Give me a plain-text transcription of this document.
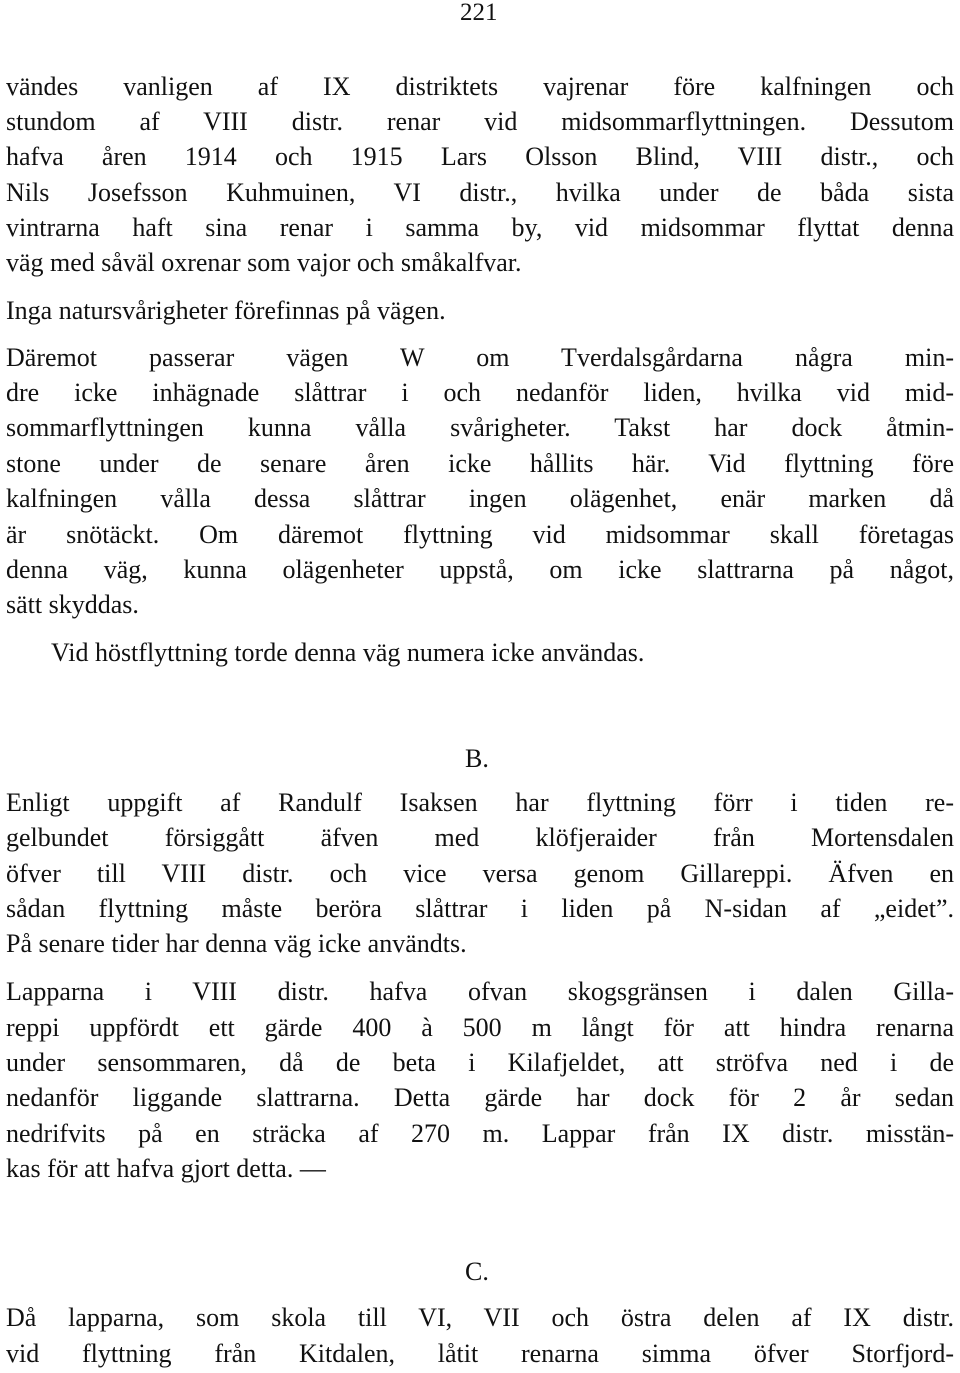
221
vändes vanligen af IX distriktets vajrenar före kalfningen och
stundom af VIII distr. renar vid midsommarflyttningen. Dessutom
hafva åren 1914 och 1915 Lars Olsson Blind, VIII distr., och
Nils Josefsson Kuhmuinen, VI distr., hvilka under de båda sista
vintrarna haft sina renar i samma by, vid midsommar flyttat denna
väg med såväl oxrenar som vajor och småkalfvar.
Inga natursvårigheter förefinnas på vägen.
Däremot passerar vägen W om Tverdalsgårdarna några min-
dre icke inhägnade slåttrar i och nedanför liden, hvilka vid mid-
sommarflyttningen kunna vålla svårigheter. Takst har dock åtmin-
stone under de senare åren icke hållits här. Vid flyttning före
kalfningen vålla dessa slåttrar ingen olägenhet, enär marken då
är snötäckt. Om däremot flyttning vid midsommar skall företagas
denna väg, kunna olägenheter uppstå, om icke slattrarna på något,
sätt skyddas.
Vid höstflyttning torde denna väg numera icke användas.
B.
Enligt uppgift af Randulf Isaksen har flyttning förr i tiden re-
gelbundet försiggått äfven med klöfjeraider från Mortensdalen
öfver till VIII distr. och vice versa genom Gillareppi. Äfven en
sådan flyttning måste beröra slåttrar i liden på N-sidan af „eidet”.
På senare tider har denna väg icke användts.
Lapparna i VIII distr. hafva ofvan skogsgränsen i dalen Gilla-
reppi uppfördt ett gärde 400 à 500 m långt för att hindra renarna
under sensommaren, då de beta i Kilafjeldet, att ströfva ned i de
nedanför liggande slattrarna. Detta gärde har dock för 2 år sedan
nedrifvits på en sträcka af 270 m. Lappar från IX distr. misstän-
kas för att hafva gjort detta. —
C.
Då lapparna, som skola till VI, VII och östra delen af IX distr.
vid flyttning från Kitdalen, låtit renarna simma öfver Storfjord-
